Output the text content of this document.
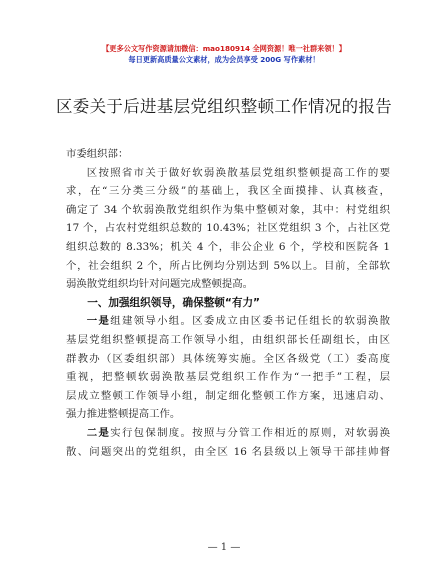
【更多公文写作资源请加微信：mao180914 全网资源！唯一社群来领！】
每日更新高质量公文素材，成为会员享受 200G 写作素材！
区委关于后进基层党组织整顿工作情况的报告

市委组织部：

区按照省市关于做好软弱涣散基层党组织整顿提高工作的要

求，在“三分类三分级”的基础上，我区全面摸排、认真核查，

确定了 34 个软弱涣散党组织作为集中整顿对象，其中：村党组织

17 个，占农村党组织总数的 10.43%；社区党组织 3 个，占社区党

组织总数的 8.33%；机关 4 个，非公企业 6 个，学校和医院各 1

个，社会组织 2 个，所占比例均分别达到 5%以上。目前，全部软

弱涣散党组织均针对问题完成整顿提高。

一、加强组织领导，确保整顿“有力”

一是组建领导小组。区委成立由区委书记任组长的软弱涣散

基层党组织整顿提高工作领导小组，由组织部长任副组长，由区

群教办（区委组织部）具体统筹实施。全区各级党（工）委高度

重视，把整顿软弱涣散基层党组织工作作为“一把手”工程，层

层成立整顿工作领导小组，制定细化整顿工作方案，迅速启动、

强力推进整顿提高工作。

二是实行包保制度。按照与分管工作相近的原则，对软弱涣

散、问题突出的党组织，由全区 16 名县级以上领导干部挂帅督

— 1 —
